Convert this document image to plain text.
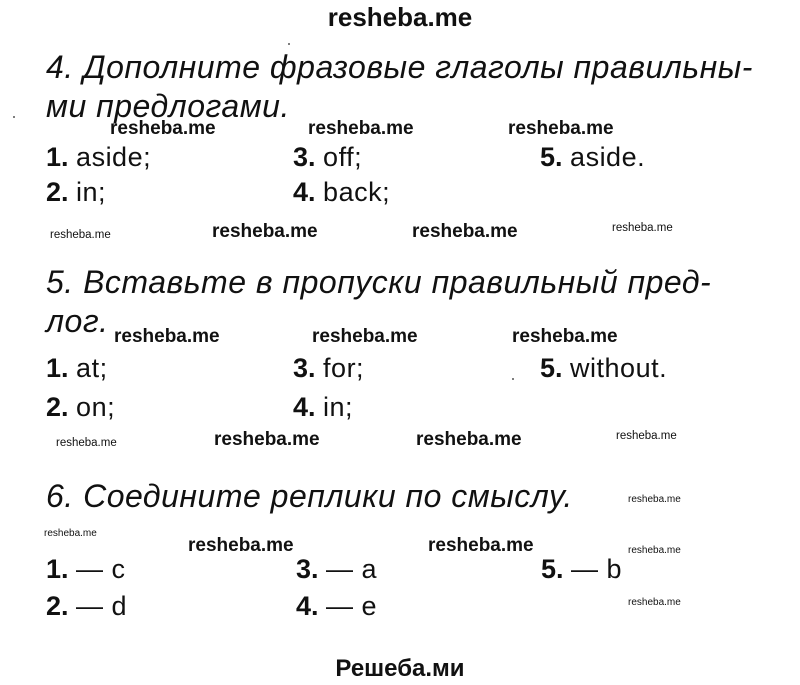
resheba.me
Решеба.ми
4. Дополните фразовые глаголы правильны-
ми предлогами.
resheba.me	resheba.me	resheba.me
1. aside;	3. off;	5. aside.
2. in;	4. back;
resheba.me	resheba.me	resheba.me	resheba.me
5. Вставьте в пропуски правильный пред-
лог. resheba.me	resheba.me	resheba.me
1. at;	3. for;	5. without.
2. on;	4. in;
resheba.me	resheba.me	resheba.me	resheba.me
6. Соедините реплики по смыслу.	resheba.me
resheba.me
resheba.me	resheba.me	resheba.me
resheba.me
1. — c	3. — a	5. — b
2. — d	4. — e
